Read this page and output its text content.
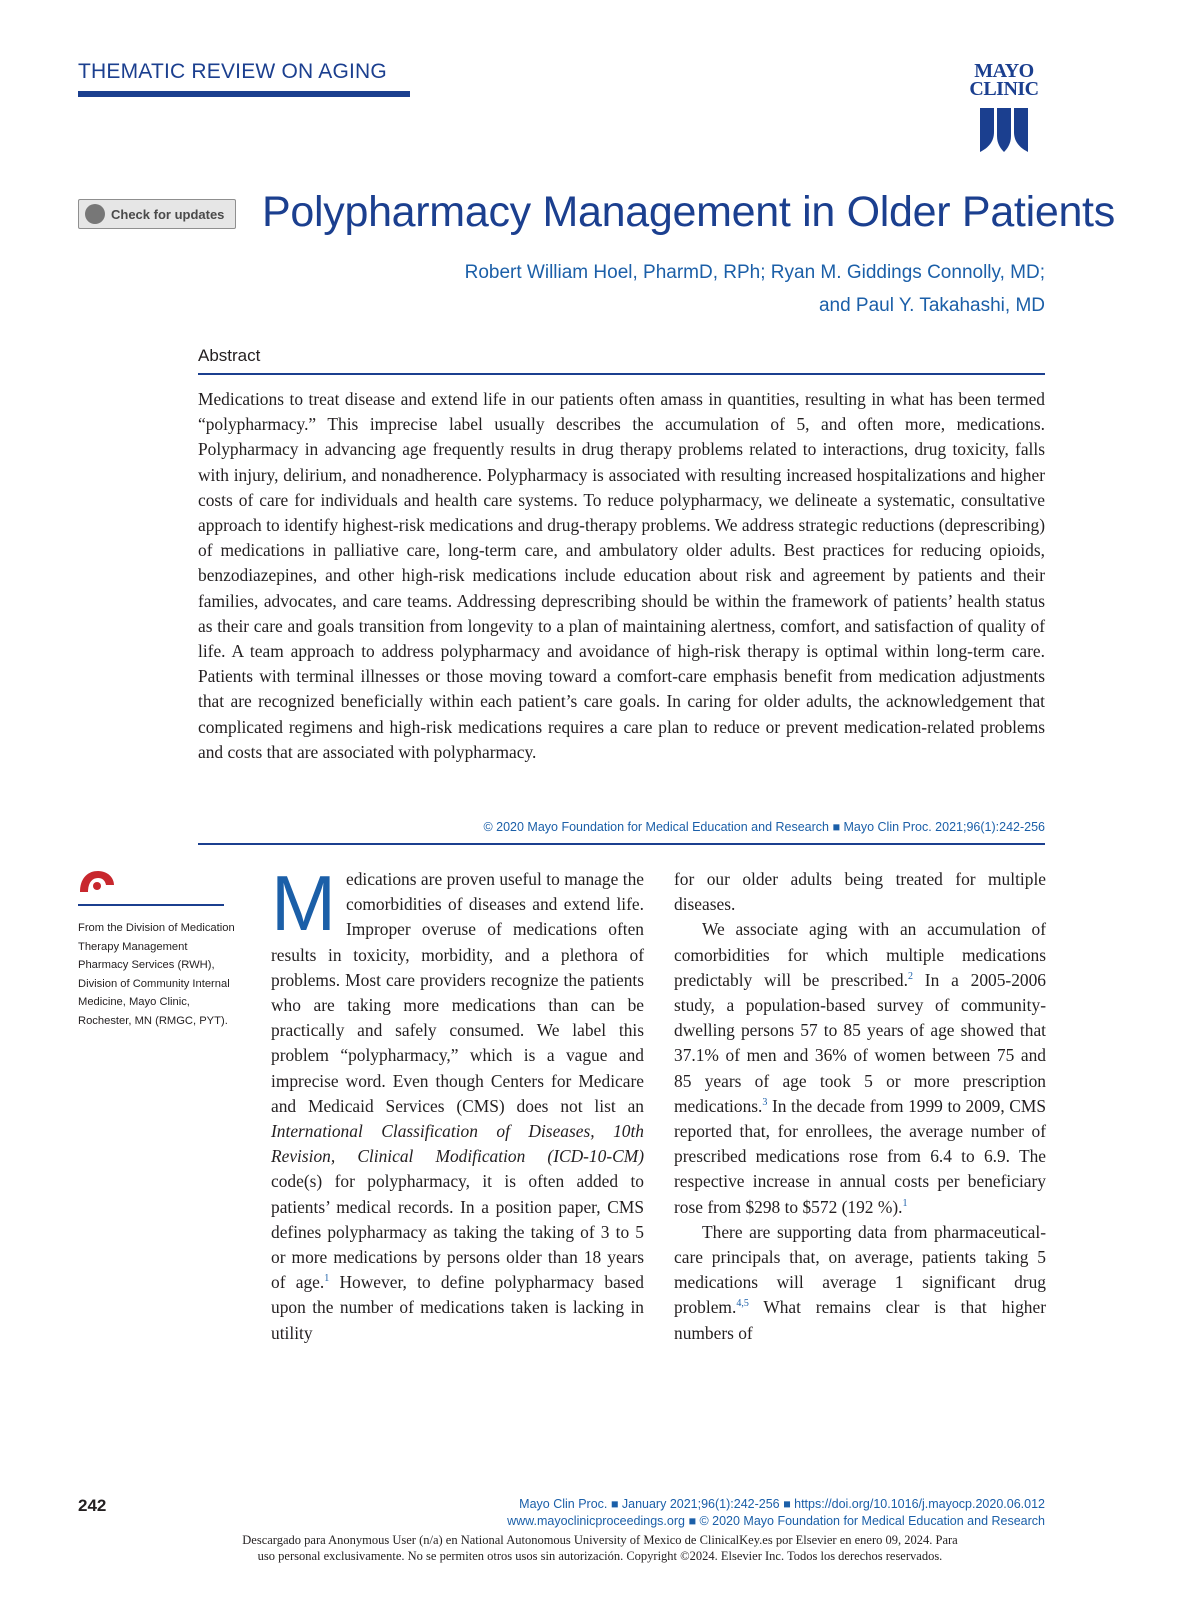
THEMATIC REVIEW ON AGING	MAYO
CLINIC
Check for updates Polypharmacy Management in Older Patients
Robert William Hoel, PharmD, RPh; Ryan M. Giddings Connolly, MD;
and Paul Y. Takahashi, MD
Abstract
Medications to treat disease and extend life in our patients often amass in quantities, resulting in what has been termed “polypharmacy.” This imprecise label usually describes the accumulation of 5, and often more, medications. Polypharmacy in advancing age frequently results in drug therapy problems related to interactions, drug toxicity, falls with injury, delirium, and nonadherence. Polypharmacy is associated with resulting increased hospitalizations and higher costs of care for individuals and health care systems. To reduce polypharmacy, we delineate a systematic, consultative approach to identify highest-risk medications and drug-therapy problems. We address strategic reductions (deprescribing) of medications in palliative care, long-term care, and ambulatory older adults. Best practices for reducing opioids, benzodiazepines, and other high-risk medications include education about risk and agreement by patients and their families, advocates, and care teams. Addressing deprescribing should be within the framework of patients’ health status as their care and goals transition from longevity to a plan of maintaining alertness, comfort, and satisfaction of quality of life. A team approach to address polypharmacy and avoidance of high-risk therapy is optimal within long-term care. Patients with terminal illnesses or those moving toward a comfort-care emphasis benefit from medication adjustments that are recognized beneficially within each patient’s care goals. In caring for older adults, the acknowledgement that complicated regimens and high-risk medications requires a care plan to reduce or prevent medication-related problems and costs that are associated with polypharmacy.
© 2020 Mayo Foundation for Medical Education and Research ■ Mayo Clin Proc. 2021;96(1):242-256
From the Division of Medication Therapy Management Pharmacy Services (RWH), Division of Community Internal Medicine, Mayo Clinic, Rochester, MN (RMGC, PYT).

Medications are proven useful to manage the comorbidities of diseases and extend life. Improper overuse of medications often results in toxicity, morbidity, and a plethora of problems. Most care providers recognize the patients who are taking more medications than can be practically and safely consumed. We label this problem “polypharmacy,” which is a vague and imprecise word. Even though Centers for Medicare and Medicaid Services (CMS) does not list an International Classification of Diseases, 10th Revision, Clinical Modification (ICD-10-CM) code(s) for polypharmacy, it is often added to patients’ medical records. In a position paper, CMS defines polypharmacy as taking the taking of 3 to 5 or more medications by persons older than 18 years of age.$^1$ However, to define polypharmacy based upon the number of medications taken is lacking in utility

for our older adults being treated for multiple diseases.

We associate aging with an accumulation of comorbidities for which multiple medications predictably will be prescribed.$^2$ In a 2005-2006 study, a population-based survey of community-dwelling persons 57 to 85 years of age showed that 37.1% of men and 36% of women between 75 and 85 years of age took 5 or more prescription medications.$^3$ In the decade from 1999 to 2009, CMS reported that, for enrollees, the average number of prescribed medications rose from 6.4 to 6.9. The respective increase in annual costs per beneficiary rose from $298 to $572 (192 %).$^1$

There are supporting data from pharmaceutical-care principals that, on average, patients taking 5 medications will average 1 significant drug problem.$^{4,5}$ What remains clear is that higher numbers of

242	Mayo Clin Proc. ■ January 2021;96(1):242-256 ■ https://doi.org/10.1016/j.mayocp.2020.06.012
www.mayoclinicproceedings.org ■ © 2020 Mayo Foundation for Medical Education and Research
Descargado para Anonymous User (n/a) en National Autonomous University of Mexico de ClinicalKey.es por Elsevier en enero 09, 2024. Para
uso personal exclusivamente. No se permiten otros usos sin autorización. Copyright ©2024. Elsevier Inc. Todos los derechos reservados.
